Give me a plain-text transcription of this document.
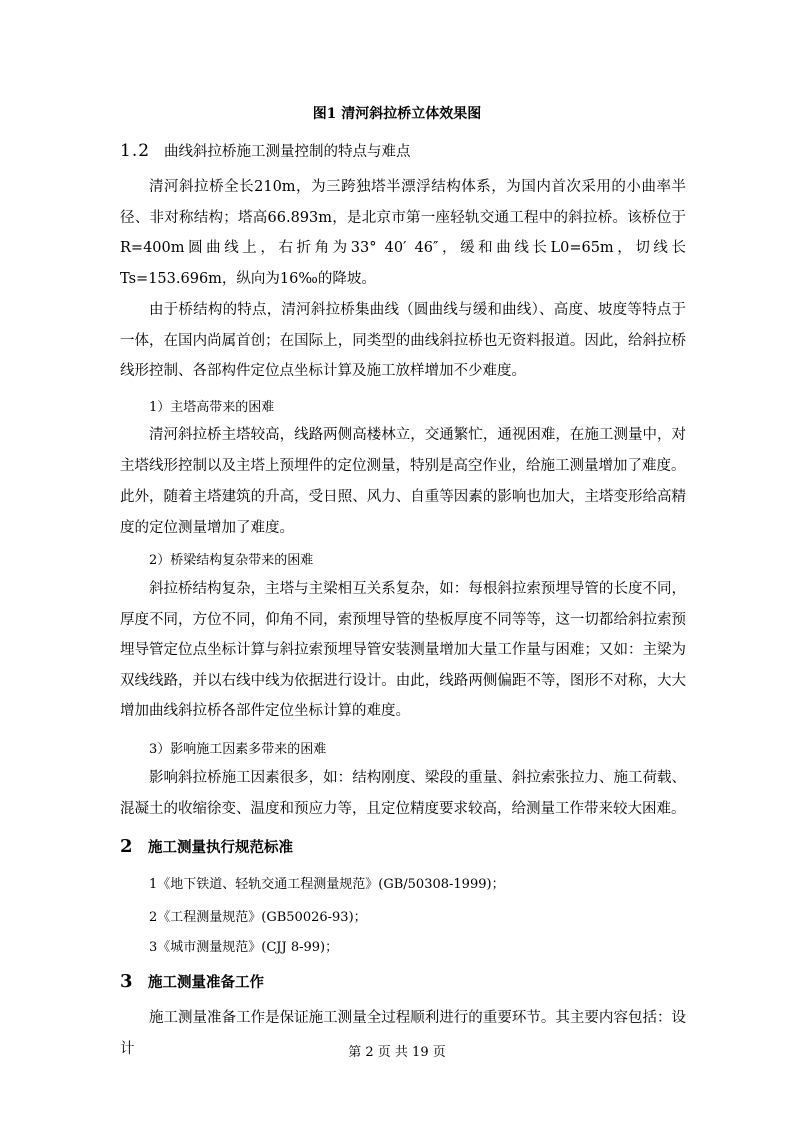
图1 清河斜拉桥立体效果图
1.2 曲线斜拉桥施工测量控制的特点与难点

清河斜拉桥全长210m，为三跨独塔半漂浮结构体系，为国内首次采用的小曲率半径、非对称结构；塔高66.893m，是北京市第一座轻轨交通工程中的斜拉桥。该桥位于R=400m圆曲线上，右折角为33° 40′ 46″，缓和曲线长L0=65m，切线长Ts=153.696m，纵向为16‰的降坡。

由于桥结构的特点，清河斜拉桥集曲线（圆曲线与缓和曲线）、高度、坡度等特点于一体，在国内尚属首创；在国际上，同类型的曲线斜拉桥也无资料报道。因此，给斜拉桥线形控制、各部构件定位点坐标计算及施工放样增加不少难度。

1）主塔高带来的困难

清河斜拉桥主塔较高，线路两侧高楼林立，交通繁忙，通视困难，在施工测量中，对主塔线形控制以及主塔上预埋件的定位测量，特别是高空作业，给施工测量增加了难度。

此外，随着主塔建筑的升高，受日照、风力、自重等因素的影响也加大，主塔变形给高精度的定位测量增加了难度。

2）桥梁结构复杂带来的困难

斜拉桥结构复杂，主塔与主梁相互关系复杂，如：每根斜拉索预埋导管的长度不同，厚度不同，方位不同，仰角不同，索预埋导管的垫板厚度不同等等，这一切都给斜拉索预埋导管定位点坐标计算与斜拉索预埋导管安装测量增加大量工作量与困难；又如：主梁为双线线路，并以右线中线为依据进行设计。由此，线路两侧偏距不等，图形不对称，大大增加曲线斜拉桥各部件定位坐标计算的难度。

3）影响施工因素多带来的困难

影响斜拉桥施工因素很多，如：结构刚度、梁段的重量、斜拉索张拉力、施工荷载、混凝土的收缩徐变、温度和预应力等，且定位精度要求较高，给测量工作带来较大困难。

2	施工测量执行规范标准
1《地下铁道、轻轨交通工程测量规范》(GB/50308-1999)；
2《工程测量规范》(GB50026-93)；
3《城市测量规范》(CJJ 8-99)；
3	施工测量准备工作

施工测量准备工作是保证施工测量全过程顺利进行的重要环节。其主要内容包括：设计	第 2 页 共 19 页
